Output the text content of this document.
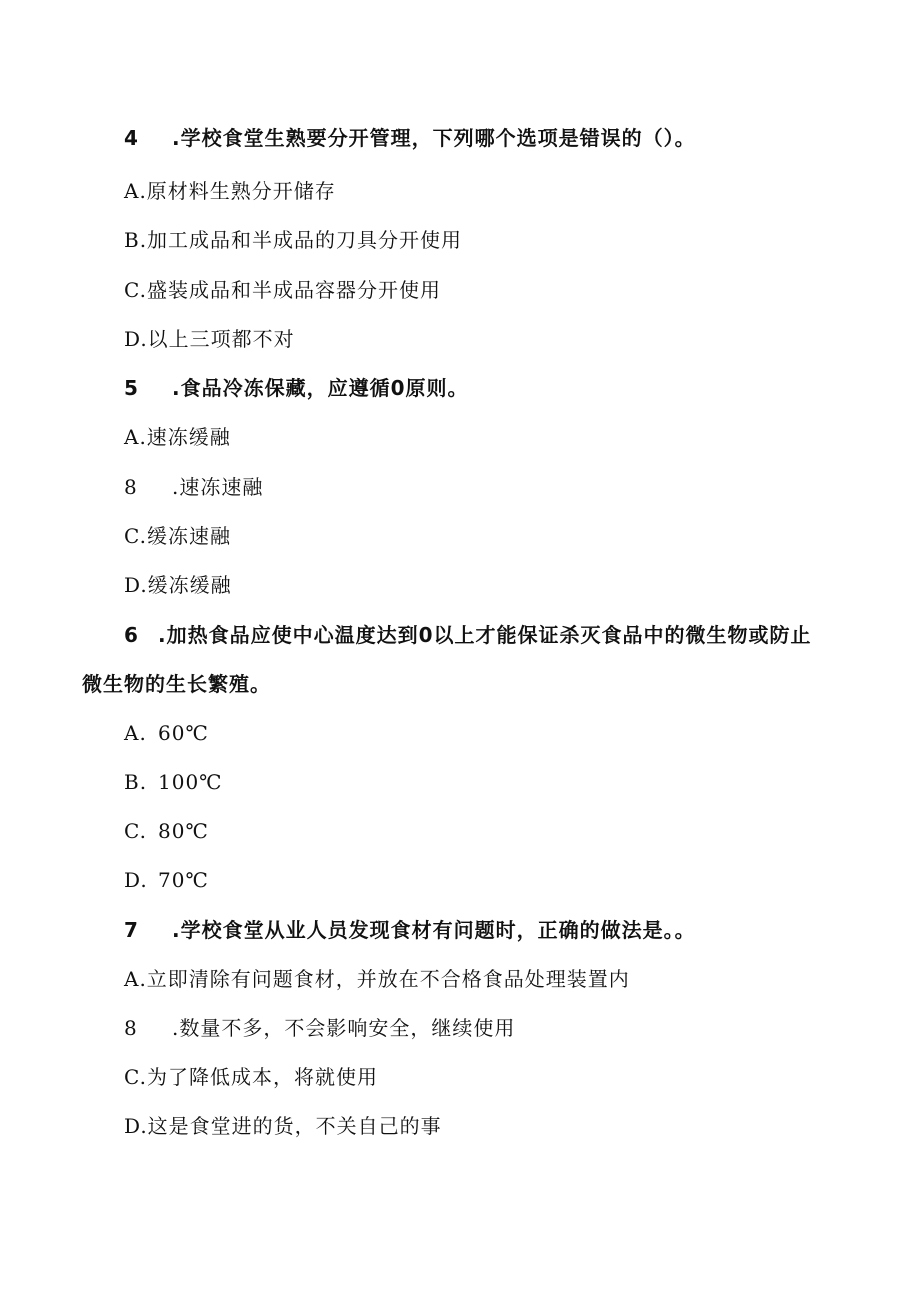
4 .学校食堂生熟要分开管理，下列哪个选项是错误的（）。
A.原材料生熟分开储存
B.加工成品和半成品的刀具分开使用
C.盛装成品和半成品容器分开使用
D.以上三项都不对
5 .食品冷冻保藏，应遵循0原则。
A.速冻缓融
8 .速冻速融
C.缓冻速融
D.缓冻缓融
6 .加热食品应使中心温度达到0以上才能保证杀灭食品中的微生物或防止
微生物的生长繁殖。
A. 60℃
B. 100℃
C. 80℃
D. 70℃
7 .学校食堂从业人员发现食材有问题时，正确的做法是。。
A.立即清除有问题食材，并放在不合格食品处理装置内
8 .数量不多，不会影响安全，继续使用
C.为了降低成本，将就使用
D.这是食堂进的货，不关自己的事
